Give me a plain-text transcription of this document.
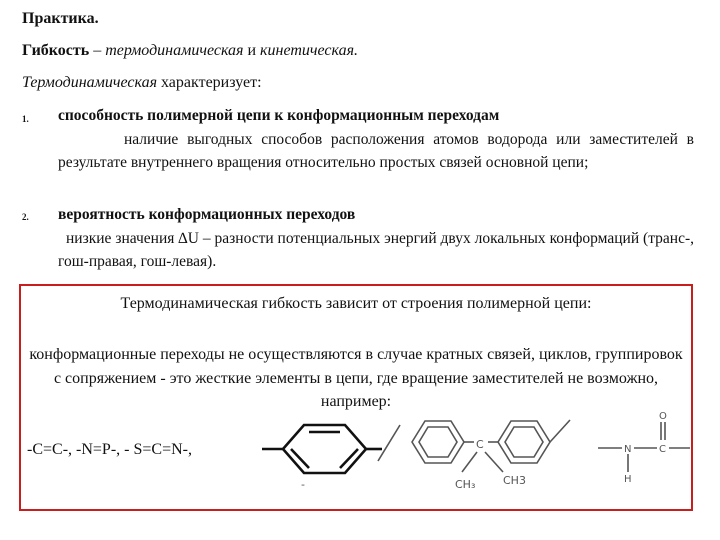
Практика.
Гибкость – термодинамическая и кинетическая.
Термодинамическая характеризует:
1. способность полимерной цепи к конформационным переходам
наличие выгодных способов расположения атомов водорода или заместителей в результате внутреннего вращения относительно простых связей основной цепи;
2. вероятность конформационных переходов
низкие значения ∆U – разности потенциальных энергий двух локальных конформаций (транс-, гош-правая, гош-левая).
Термодинамическая гибкость зависит от строения полимерной цепи:
конформационные переходы не осуществляются в случае кратных связей, циклов, группировок с сопряжением - это жесткие элементы в цепи, где вращение заместителей не возможно, например:
-C=C-, -N=P-, - S=C=N-,
-
C
CH₃	CH3
N
H
C
O
